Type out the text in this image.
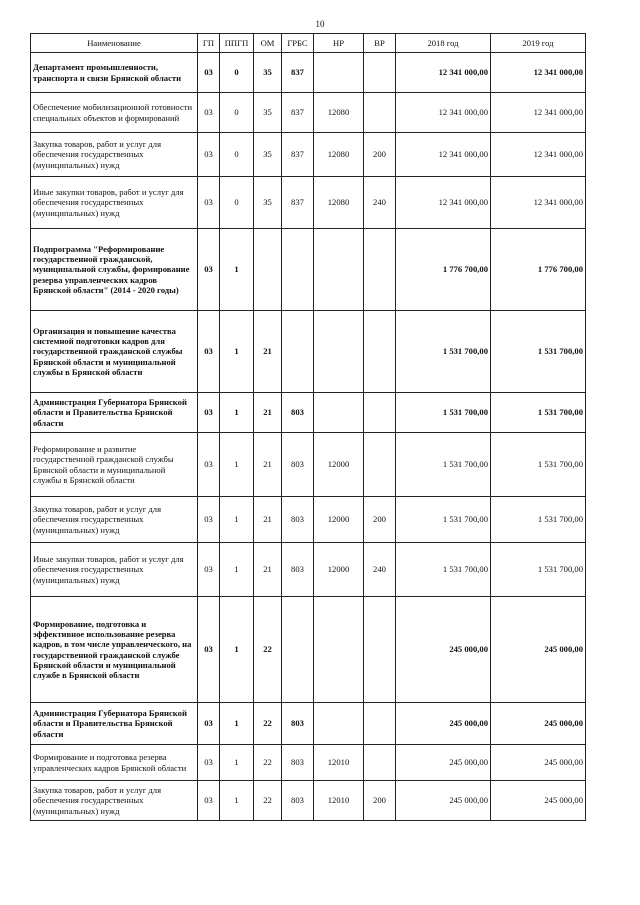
10
Наименование	ГП	ППГП	ОМ	ГРБС	НР	ВР	2018 год	2019 год
Департамент промышленности, транспорта и связи Брянской области	03	0	35	837			12 341 000,00	12 341 000,00
Обеспечение мобилизационной готовности специальных объектов и формирований	03	0	35	837	12080		12 341 000,00	12 341 000,00
Закупка товаров, работ и услуг для обеспечения государственных (муниципальных) нужд	03	0	35	837	12080	200	12 341 000,00	12 341 000,00
Иные закупки товаров, работ и услуг для обеспечения государственных (муниципальных) нужд	03	0	35	837	12080	240	12 341 000,00	12 341 000,00
Подпрограмма "Реформирование государственной гражданской, муниципальной службы, формирование резерва управленческих кадров Брянской области" (2014 - 2020 годы)	03	1					1 776 700,00	1 776 700,00
Организация и повышение качества системной подготовки кадров для государственной гражданской службы Брянской области и муниципальной службы в Брянской области	03	1	21				1 531 700,00	1 531 700,00
Администрация Губернатора Брянской области и Правительства Брянской области	03	1	21	803			1 531 700,00	1 531 700,00
Реформирование и развитие государственной гражданской службы Брянской области и муниципальной службы в Брянской области	03	1	21	803	12000		1 531 700,00	1 531 700,00
Закупка товаров, работ и услуг для обеспечения государственных (муниципальных) нужд	03	1	21	803	12000	200	1 531 700,00	1 531 700,00
Иные закупки товаров, работ и услуг для обеспечения государственных (муниципальных) нужд	03	1	21	803	12000	240	1 531 700,00	1 531 700,00
Формирование, подготовка и эффективное использование резерва кадров, в том числе управленческого, на государственной гражданской службе Брянской области и муниципальной службе в Брянской области	03	1	22				245 000,00	245 000,00
Администрация Губернатора Брянской области и Правительства Брянской области	03	1	22	803			245 000,00	245 000,00
Формирование и подготовка резерва управленческих кадров Брянской области	03	1	22	803	12010		245 000,00	245 000,00
Закупка товаров, работ и услуг для обеспечения государственных (муниципальных) нужд	03	1	22	803	12010	200	245 000,00	245 000,00
